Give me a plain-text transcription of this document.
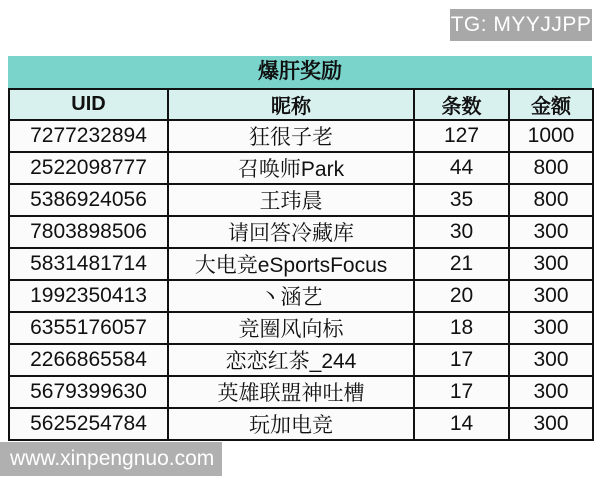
TG: MYYJJPP
爆肝奖励
UID	昵称	条数	金额
7277232894	狂很子老	127	1000
2522098777	召唤师Park	44	800
5386924056	王玮晨	35	800
7803898506	请回答冷藏库	30	300
5831481714	大电竞eSportsFocus	21	300
1992350413	丶涵艺	20	300
6355176057	竞圈风向标	18	300
2266865584	恋恋红茶_244	17	300
5679399630	英雄联盟神吐槽	17	300
5625254784	玩加电竞	14	300
www.xinpengnuo.com
